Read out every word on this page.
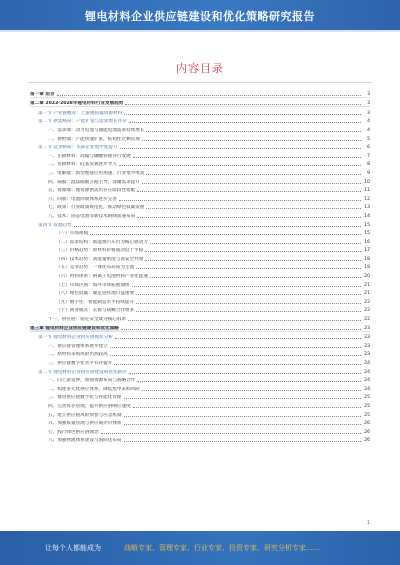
锂电材料企业供应链建设和优化策略研究报告
内容目录
第一章 前言	3
第二章 2023-2028年锂电材料行业发展趋势	3
第一节 产业链概况：上游锂钴镍资源材料	3
第二节 供需格局：产能扩张与需求增长并存	4
一、需求端：动力电池与储能电池需求持续增长	4
二、供给端：产能快速扩张，结构性过剩显现	5
第三节 竞争格局：头部企业集中度提升	6
一、正极材料：高镍与磷酸铁锂并行发展	7
二、负极材料：硅基负极逐步导入	8
三、电解液：新型锂盐应用加速，行业集中度高	9
四、隔膜：湿法隔膜占据主导，涂覆需求提升	10
五、资源端：锂资源供需仍存在阶段性错配	11
六、回收：电池回收体系逐步完善	12
七、政策：行业政策规范化，推动绿色低碳发展	13
八、技术：固态电池等新技术路线加速布局	14
第四节 发展趋势	15
（一）市场规模	15
（二）需求结构：新能源汽车仍为核心驱动力	16
（三）价格趋势：原材料价格波动趋于平稳	17
（四）技术趋势：高能量密度与高安全并重	18
（五）竞争趋势：一体化布局成为主流	19
（六）材料体系：钠离子电池材料产业化提速	20
（七）市场区域：海外市场拓展加快	21
（八）绿色低碳：碳足迹管理日益重要	21
（九）数字化：智能制造水平持续提升	22
（十）商业模式：长协与战略合作增多	22
十一、供应链：稳定安全成为核心诉求	22
第三章 锂电材料企业供应链建设和优化策略	23
第一节 锂电材料企业供应链现状分析	23
一、供应链管理体系逐步建立	23
二、原材料采购风险仍然较高	23
三、供应链数字化水平有待提升	24
第二节 锂电材料企业供应链建设和优化路径	24
一、向上游延伸，加强资源布局与战略合作	24
二、构建多元化供应体系，降低集中采购风险	24
三、推进供应链数字化与智能化管理	25
四、完善库存管理，提升供应链响应速度	25
五、建立供应链风险预警与应急机制	25
六、加强质量管理与供应商评价体系	26
七、践行绿色供应链理念	26
八、加强物流体系建设与国际化布局	26
1
让每个人都能成为	战略专家、管理专家、行业专家、投资专家、研究分析专家……
